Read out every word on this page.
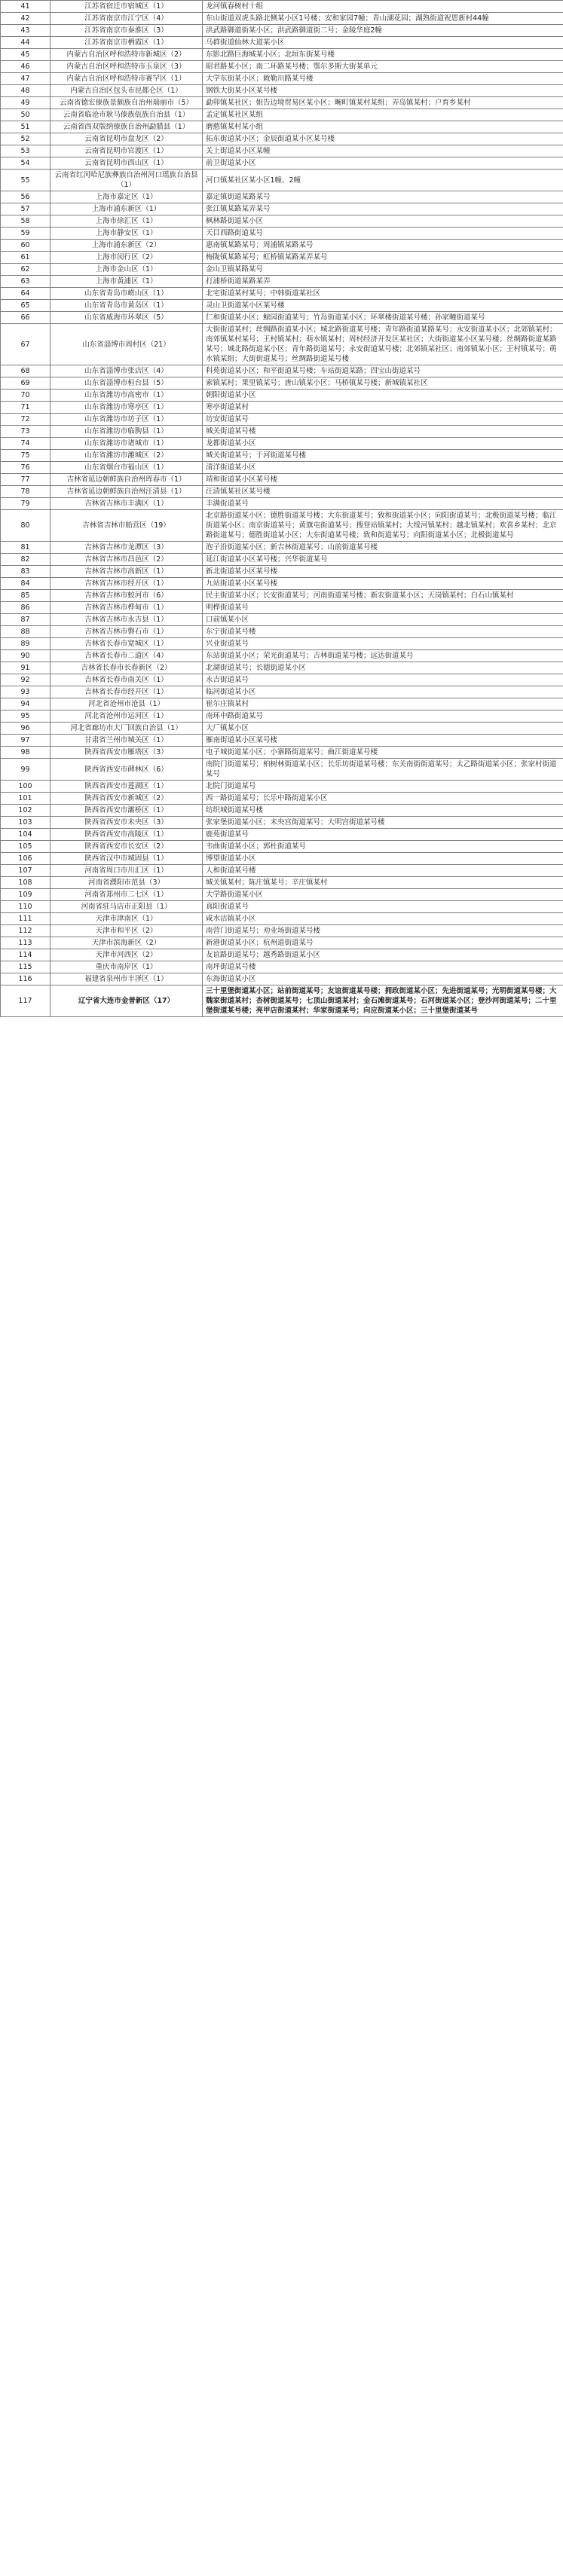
41	江苏省宿迁市宿城区（1）	龙河镇春树村十组
42	江苏省南京市江宁区（4）	东山街道双虎头路北侧某小区1号楼；安和家园7幢；青山湖花园；湖熟街道祝恩新村44幢
43	江苏省南京市秦淮区（3）	洪武路御道街某小区；洪武路御道街二号；金陵华庭2幢
44	江苏省南京市栖霞区（1）	马群街道仙林大道某小区
45	内蒙古自治区呼和浩特市新城区（2）	东影北路巨海城某小区；北垣东街某号楼
46	内蒙古自治区呼和浩特市玉泉区（3）	昭君路某小区；南二环路某号楼；鄂尔多斯大街某单元
47	内蒙古自治区呼和浩特市赛罕区（1）	大学东街某小区；敕勒川路某号楼
48	内蒙古自治区包头市昆都仑区（1）	钢铁大街某小区某号楼
49	云南省德宏傣族景颇族自治州瑞丽市（5）	勐卯镇某社区；姐告边境贸易区某小区；畹町镇某村某组；弄岛镇某村；户育乡某村
50	云南省临沧市耿马傣族佤族自治县（1）	孟定镇某社区某组
51	云南省西双版纳傣族自治州勐腊县（1）	磨憨镇某村某小组
52	云南省昆明市盘龙区（2）	拓东街道某小区；金辰街道某小区某号楼
53	云南省昆明市官渡区（1）	关上街道某小区某幢
54	云南省昆明市西山区（1）	前卫街道某小区
55	云南省红河哈尼族彝族自治州河口瑶族自治县（1）	河口镇某社区某小区1幢、2幢
56	上海市嘉定区（1）	嘉定镇街道某路某号
57	上海市浦东新区（1）	张江镇某路某弄某号
58	上海市徐汇区（1）	枫林路街道某小区
59	上海市静安区（1）	天目西路街道某号
60	上海市浦东新区（2）	惠南镇某路某号；周浦镇某路某号
61	上海市闵行区（2）	梅陇镇某路某号；虹桥镇某路某弄某号
62	上海市金山区（1）	金山卫镇某路某号
63	上海市黄浦区（1）	打浦桥街道某路某弄
64	山东省青岛市崂山区（1）	北宅街道某村某号；中韩街道某社区
65	山东省青岛市黄岛区（1）	灵山卫街道某小区某号楼
66	山东省威海市环翠区（5）	仁和街道某小区；鲸园街道某号；竹岛街道某小区；环翠楼街道某号楼；孙家疃街道某号
67	山东省淄博市周村区（21）	大街街道某村；丝绸路街道某小区；城北路街道某号楼；青年路街道某路某号；永安街道某小区；北郊镇某村；南郊镇某村某号；王村镇某村；萌水镇某村；周村经济开发区某社区；大街街道某小区某号楼；丝绸路街道某路某号；城北路街道某小区；青年路街道某号；永安街道某号楼；北郊镇某社区；南郊镇某小区；王村镇某号；萌水镇某组；大街街道某号；丝绸路街道某号楼
68	山东省淄博市张店区（4）	科苑街道某小区；和平街道某号楼；车站街道某路；四宝山街道某号
69	山东省淄博市桓台县（5）	索镇某村；果里镇某号；唐山镇某小区；马桥镇某号楼；新城镇某社区
70	山东省潍坊市高密市（1）	朝阳街道某小区
71	山东省潍坊市寒亭区（1）	寒亭街道某村
72	山东省潍坊市坊子区（1）	坊安街道某号
73	山东省潍坊市临朐县（1）	城关街道某号楼
74	山东省潍坊市诸城市（1）	龙都街道某小区
75	山东省潍坊市潍城区（2）	城关街道某号；于河街道某号楼
76	山东省烟台市福山区（1）	清洋街道某小区
77	吉林省延边朝鲜族自治州珲春市（1）	靖和街道某小区某号楼
78	吉林省延边朝鲜族自治州汪清县（1）	汪清镇某社区某号楼
79	吉林省吉林市丰满区（1）	丰满街道某号
80	吉林省吉林市船营区（19）	北京路街道某小区；德胜街道某号楼；大东街道某号；致和街道某小区；向阳街道某号；北极街道某号楼；临江街道某小区；南京街道某号；黄旗屯街道某号；搜登站镇某村；大绥河镇某村；越北镇某村；欢喜乡某村；北京路街道某号；德胜街道某小区；大东街道某号楼；致和街道某号；向阳街道某小区；北极街道某号
81	吉林省吉林市龙潭区（3）	泡子沿街道某小区；新吉林街道某号；山前街道某号楼
82	吉林省吉林市昌邑区（2）	延江街道某小区某号楼；兴华街道某号
83	吉林省吉林市高新区（1）	新北街道某小区某号楼
84	吉林省吉林市经开区（1）	九站街道某小区某号楼
85	吉林省吉林市蛟河市（6）	民主街道某小区；长安街道某号；河南街道某号楼；新农街道某小区；天岗镇某村；白石山镇某村
86	吉林省吉林市桦甸市（1）	明桦街道某号
87	吉林省吉林市永吉县（1）	口前镇某小区
88	吉林省吉林市磐石市（1）	东宁街道某号楼
89	吉林省长春市宽城区（1）	兴业街道某号
90	吉林省长春市二道区（4）	东站街道某小区；荣光街道某号；吉林街道某号楼；远达街道某号
91	吉林省长春市长春新区（2）	北湖街道某号；长德街道某小区
92	吉林省长春市南关区（1）	永吉街道某号
93	吉林省长春市经开区（1）	临河街道某小区
94	河北省沧州市沧县（1）	崔尔庄镇某村
95	河北省沧州市运河区（1）	南环中路街道某号
96	河北省廊坊市大厂回族自治县（1）	大厂镇某小区
97	甘肃省兰州市城关区（1）	雁南街道某小区某号楼
98	陕西省西安市雁塔区（3）	电子城街道某小区；小寨路街道某号；曲江街道某号楼
99	陕西省西安市碑林区（6）	南院门街道某号；柏树林街道某小区；长乐坊街道某号楼；东关南街街道某号；太乙路街道某小区；张家村街道某号
100	陕西省西安市莲湖区（1）	北院门街道某号
101	陕西省西安市新城区（2）	西一路街道某号；长乐中路街道某小区
102	陕西省西安市灞桥区（1）	纺织城街道某号楼
103	陕西省西安市未央区（3）	张家堡街道某小区；未央宫街道某号；大明宫街道某号楼
104	陕西省西安市高陵区（1）	鹿苑街道某号
105	陕西省西安市长安区（2）	韦曲街道某小区；郭杜街道某号
106	陕西省汉中市城固县（1）	博望街道某小区
107	河南省周口市川汇区（1）	人和街道某号楼
108	河南省濮阳市范县（3）	城关镇某村；陈庄镇某号；辛庄镇某村
109	河南省郑州市二七区（1）	大学路街道某小区
110	河南省驻马店市正阳县（1）	真阳街道某号
111	天津市津南区（1）	咸水沽镇某小区
112	天津市和平区（2）	南营门街道某号；劝业场街道某号楼
113	天津市滨海新区（2）	新港街道某小区；杭州道街道某号
114	天津市河西区（2）	友谊路街道某号；越秀路街道某小区
115	重庆市南岸区（1）	南坪街道某号楼
116	福建省泉州市丰泽区（1）	东海街道某小区
117	辽宁省大连市金普新区（17）	三十里堡街道某小区；站前街道某号；友谊街道某号楼；拥政街道某小区；先进街道某号；光明街道某号楼；大魏家街道某村；杏树街道某号；七顶山街道某村；金石滩街道某号；石河街道某小区；登沙河街道某号；二十里堡街道某号楼；亮甲店街道某村；华家街道某号；向应街道某小区；三十里堡街道某号
